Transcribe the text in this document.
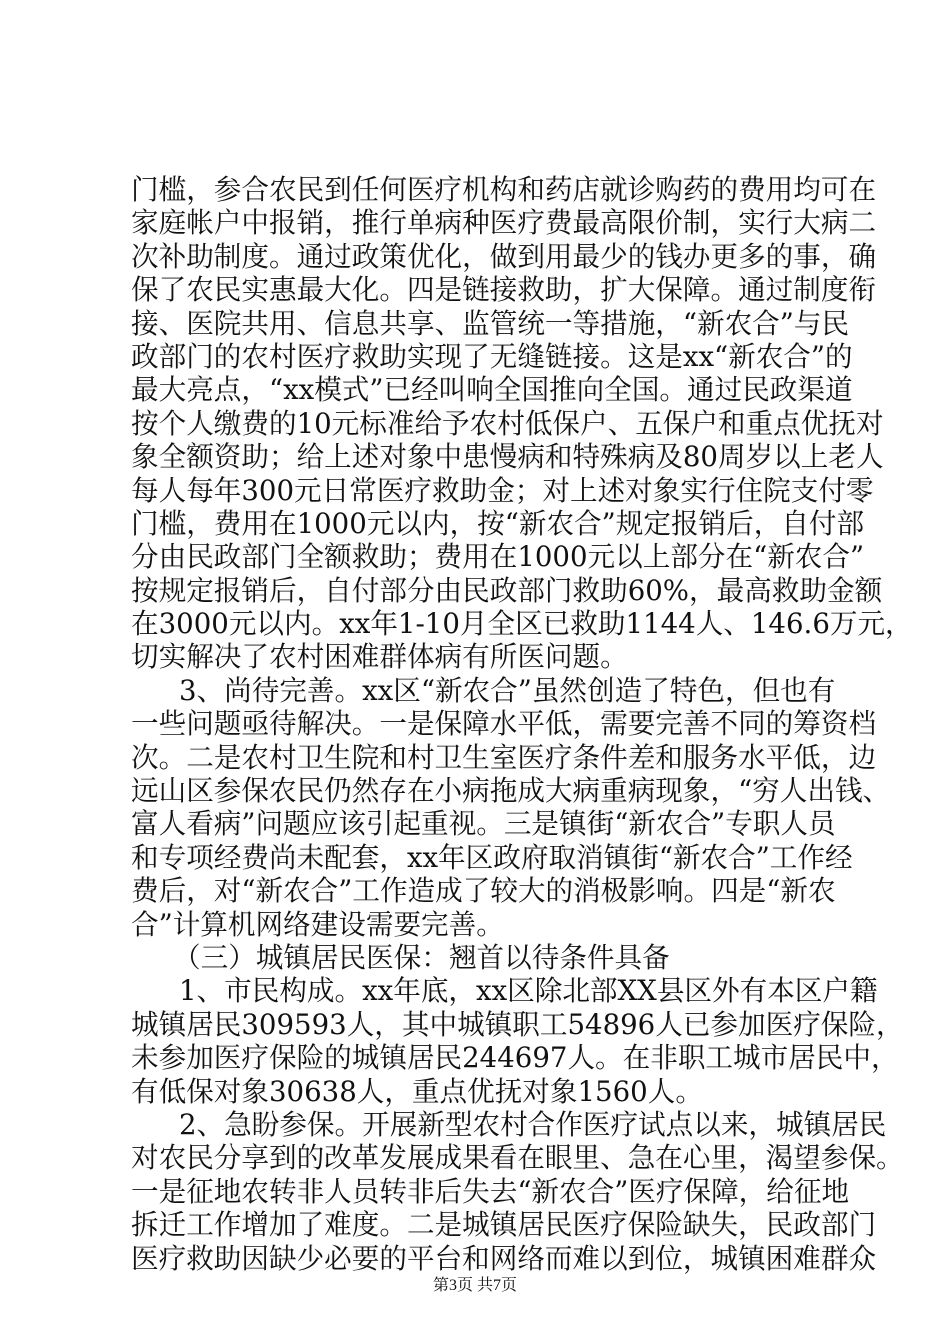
门槛，参合农民到任何医疗机构和药店就诊购药的费用均可在
家庭帐户中报销，推行单病种医疗费最高限价制，实行大病二
次补助制度。通过政策优化，做到用最少的钱办更多的事，确
保了农民实惠最大化。四是链接救助，扩大保障。通过制度衔
接、医院共用、信息共享、监管统一等措施，“新农合”与民
政部门的农村医疗救助实现了无缝链接。这是xx“新农合”的
最大亮点，“xx模式”已经叫响全国推向全国。通过民政渠道
按个人缴费的10元标准给予农村低保户、五保户和重点优抚对
象全额资助；给上述对象中患慢病和特殊病及80周岁以上老人
每人每年300元日常医疗救助金；对上述对象实行住院支付零
门槛，费用在1000元以内，按“新农合”规定报销后，自付部
分由民政部门全额救助；费用在1000元以上部分在“新农合”
按规定报销后，自付部分由民政部门救助60%，最高救助金额
在3000元以内。xx年1-10月全区已救助1144人、146.6万元，
切实解决了农村困难群体病有所医问题。
3、尚待完善。xx区“新农合”虽然创造了特色，但也有
一些问题亟待解决。一是保障水平低，需要完善不同的筹资档
次。二是农村卫生院和村卫生室医疗条件差和服务水平低，边
远山区参保农民仍然存在小病拖成大病重病现象，“穷人出钱、
富人看病”问题应该引起重视。三是镇街“新农合”专职人员
和专项经费尚未配套，xx年区政府取消镇街“新农合”工作经
费后，对“新农合”工作造成了较大的消极影响。四是“新农
合”计算机网络建设需要完善。
（三）城镇居民医保：翘首以待条件具备
1、市民构成。xx年底，xx区除北部XX县区外有本区户籍
城镇居民309593人，其中城镇职工54896人已参加医疗保险，
未参加医疗保险的城镇居民244697人。在非职工城市居民中，
有低保对象30638人，重点优抚对象1560人。
2、急盼参保。开展新型农村合作医疗试点以来，城镇居民
对农民分享到的改革发展成果看在眼里、急在心里，渴望参保。
一是征地农转非人员转非后失去“新农合”医疗保障，给征地
拆迁工作增加了难度。二是城镇居民医疗保险缺失，民政部门
医疗救助因缺少必要的平台和网络而难以到位，城镇困难群众
第3页 共7页
